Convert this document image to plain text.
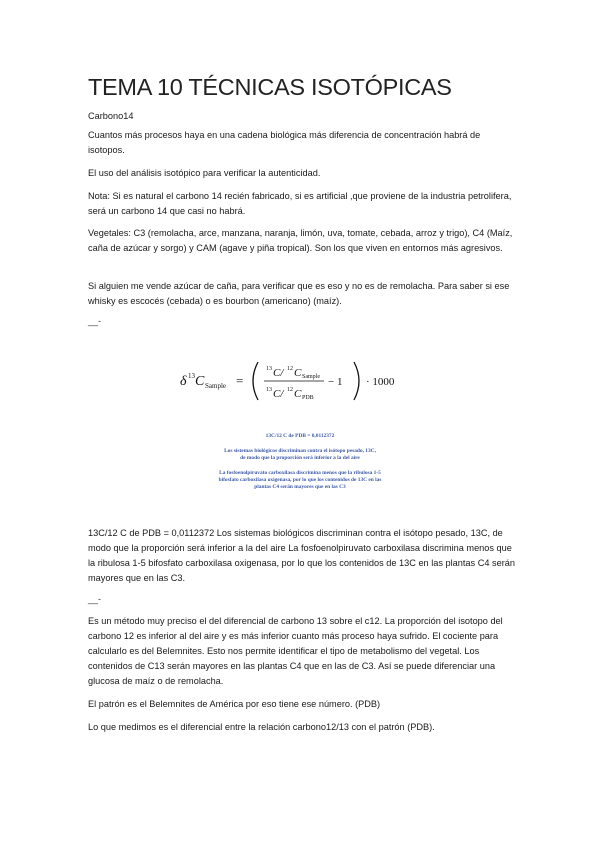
TEMA 10 TÉCNICAS ISOTÓPICAS

Carbono14

Cuantos más procesos haya en una cadena biológica más diferencia de concentración habrá de isotopos.

El uso del análisis isotópico para verificar la autenticidad.

Nota: Si es natural el carbono 14 recién fabricado, si es artificial ,que proviene de la industria petrolifera, será un carbono 14 que casi no habrá.

Vegetales: C3 (remolacha, arce, manzana, naranja, limón, uva, tomate, cebada, arroz y trigo), C4 (Maíz, caña de azúcar y sorgo) y CAM (agave y piña tropical). Son los que viven en entornos más agresivos.

Si alguien me vende azúcar de caña, para verificar que es eso y no es de remolacha. Para saber si ese whisky es escocés (cebada) o es bourbon (americano) (maíz).

__-
δ 13 C Sample =
13 C/ 12 C Sample
13 C/ 12 C PDB
− 1 · 1000
13C/12 C de PDB = 0,0112372
Los sistemas biológicos discriminan contra el isótopo pesado, 13C,
de modo que la proporción será inferior a la del aire
La fosfoenolpiruvato carboxilasa discrimina menos que la ribulosa 1-5
bifosfato carboxilasa oxigenasa, por lo que los contenidos de 13C en las
plantas C4 serán mayores que en las C3

13C/12 C de PDB = 0,0112372 Los sistemas biológicos discriminan contra el isótopo pesado, 13C, de modo que la proporción será inferior a la del aire La fosfoenolpiruvato carboxilasa discrimina menos que la ribulosa 1-5 bifosfato carboxilasa oxigenasa, por lo que los contenidos de 13C en las plantas C4 serán mayores que en las C3.

__-

Es un método muy preciso el del diferencial de carbono 13 sobre el c12. La proporción del isotopo del carbono 12 es inferior al del aire y es más inferior cuanto más proceso haya sufrido. El cociente para calcularlo es del Belemnites. Esto nos permite identificar el tipo de metabolismo del vegetal. Los contenidos de C13 serán mayores en las plantas C4 que en las de C3. Así se puede diferenciar una glucosa de maíz o de remolacha.

El patrón es el Belemnites de América por eso tiene ese número. (PDB)

Lo que medimos es el diferencial entre la relación carbono12/13 con el patrón (PDB).
